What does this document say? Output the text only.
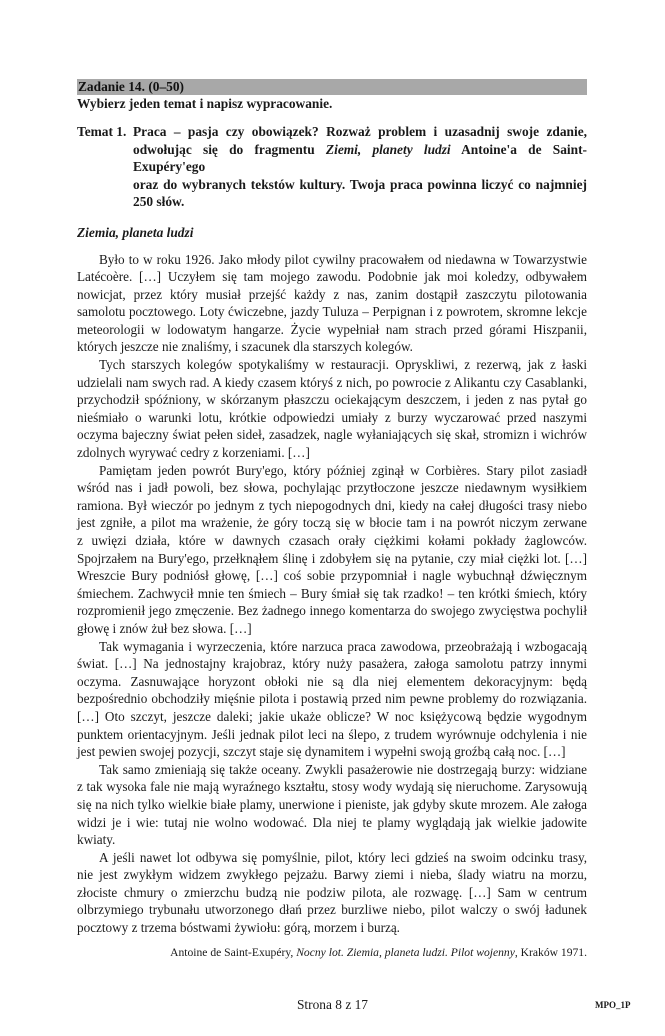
Zadanie 14. (0–50)
Wybierz jeden temat i napisz wypracowanie.
Temat 1. Praca – pasja czy obowiązek? Rozważ problem i uzasadnij swoje zdanie,
odwołując się do fragmentu Ziemi, planety ludzi Antoine'a de Saint-Exupéry'ego
oraz do wybranych tekstów kultury. Twoja praca powinna liczyć co najmniej
250 słów.
Ziemia, planeta ludzi
Było to w roku 1926. Jako młody pilot cywilny pracowałem od niedawna w Towarzystwie
Latécoère. […] Uczyłem się tam mojego zawodu. Podobnie jak moi koledzy, odbywałem
nowicjat, przez który musiał przejść każdy z nas, zanim dostąpił zaszczytu pilotowania
samolotu pocztowego. Loty ćwiczebne, jazdy Tuluza – Perpignan i z powrotem, skromne lekcje
meteorologii w lodowatym hangarze. Życie wypełniał nam strach przed górami Hiszpanii,
których jeszcze nie znaliśmy, i szacunek dla starszych kolegów.
Tych starszych kolegów spotykaliśmy w restauracji. Opryskliwi, z rezerwą, jak z łaski
udzielali nam swych rad. A kiedy czasem któryś z nich, po powrocie z Alikantu czy Casablanki,
przychodził spóźniony, w skórzanym płaszczu ociekającym deszczem, i jeden z nas pytał go
nieśmiało o warunki lotu, krótkie odpowiedzi umiały z burzy wyczarować przed naszymi
oczyma bajeczny świat pełen sideł, zasadzek, nagle wyłaniających się skał, stromizn i wichrów
zdolnych wyrywać cedry z korzeniami. […]
Pamiętam jeden powrót Bury'ego, który później zginął w Corbières. Stary pilot zasiadł
wśród nas i jadł powoli, bez słowa, pochylając przytłoczone jeszcze niedawnym wysiłkiem
ramiona. Był wieczór po jednym z tych niepogodnych dni, kiedy na całej długości trasy niebo
jest zgniłe, a pilot ma wrażenie, że góry toczą się w błocie tam i na powrót niczym zerwane
z uwięzi działa, które w dawnych czasach orały ciężkimi kołami pokłady żaglowców.
Spojrzałem na Bury'ego, przełknąłem ślinę i zdobyłem się na pytanie, czy miał ciężki lot. […]
Wreszcie Bury podniósł głowę, […] coś sobie przypomniał i nagle wybuchnął dźwięcznym
śmiechem. Zachwycił mnie ten śmiech – Bury śmiał się tak rzadko! – ten krótki śmiech, który
rozpromienił jego zmęczenie. Bez żadnego innego komentarza do swojego zwycięstwa pochylił
głowę i znów żuł bez słowa. […]
Tak wymagania i wyrzeczenia, które narzuca praca zawodowa, przeobrażają i wzbogacają
świat. […] Na jednostajny krajobraz, który nuży pasażera, załoga samolotu patrzy innymi
oczyma. Zasnuwające horyzont obłoki nie są dla niej elementem dekoracyjnym: będą
bezpośrednio obchodziły mięśnie pilota i postawią przed nim pewne problemy do rozwiązania.
[…] Oto szczyt, jeszcze daleki; jakie ukaże oblicze? W noc księżycową będzie wygodnym
punktem orientacyjnym. Jeśli jednak pilot leci na ślepo, z trudem wyrównuje odchylenia i nie
jest pewien swojej pozycji, szczyt staje się dynamitem i wypełni swoją groźbą całą noc. […]
Tak samo zmieniają się także oceany. Zwykli pasażerowie nie dostrzegają burzy: widziane
z tak wysoka fale nie mają wyraźnego kształtu, stosy wody wydają się nieruchome. Zarysowują
się na nich tylko wielkie białe plamy, unerwione i pieniste, jak gdyby skute mrozem. Ale załoga
widzi je i wie: tutaj nie wolno wodować. Dla niej te plamy wyglądają jak wielkie jadowite
kwiaty.
A jeśli nawet lot odbywa się pomyślnie, pilot, który leci gdzieś na swoim odcinku trasy,
nie jest zwykłym widzem zwykłego pejzażu. Barwy ziemi i nieba, ślady wiatru na morzu,
złociste chmury o zmierzchu budzą nie podziw pilota, ale rozwagę. […] Sam w centrum
olbrzymiego trybunału utworzonego dłań przez burzliwe niebo, pilot walczy o swój ładunek
pocztowy z trzema bóstwami żywiołu: górą, morzem i burzą.
Antoine de Saint-Exupéry, Nocny lot. Ziemia, planeta ludzi. Pilot wojenny, Kraków 1971.
Strona 8 z 17	MPO_1P
